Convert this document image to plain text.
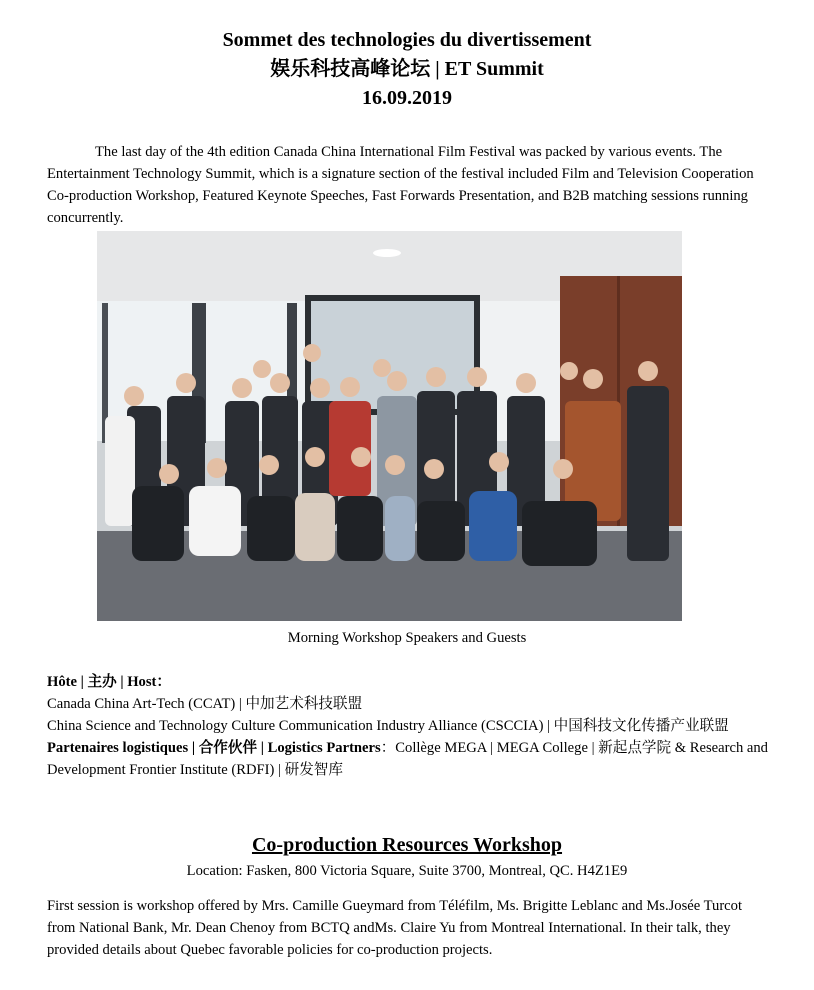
Sommet des technologies du divertissement
娱乐科技高峰论坛 | ET Summit
16.09.2019

The last day of the 4th edition Canada China International Film Festival was packed by various events. The Entertainment Technology Summit, which is a signature section of the festival included Film and Television Cooperation Co-production Workshop, Featured Keynote Speeches, Fast Forwards Presentation, and B2B matching sessions running concurrently.

Morning Workshop Speakers and Guests

Hôte | 主办 | Host：

Canada China Art-Tech (CCAT) | 中加艺术科技联盟

China Science and Technology Culture Communication Industry Alliance (CSCCIA) | 中国科技文化传播产业联盟

Partenaires logistiques | 合作伙伴 | Logistics Partners：Collège MEGA | MEGA College | 新起点学院 & Research and Development Frontier Institute (RDFI) | 研发智库

Co-production Resources Workshop
Location: Fasken, 800 Victoria Square, Suite 3700, Montreal, QC. H4Z1E9

First session is workshop offered by Mrs. Camille Gueymard from Téléfilm, Ms. Brigitte Leblanc and Ms.Josée Turcot from National Bank, Mr. Dean Chenoy from BCTQ andMs. Claire Yu from Montreal International. In their talk, they provided details about Quebec favorable policies for co-production projects.
